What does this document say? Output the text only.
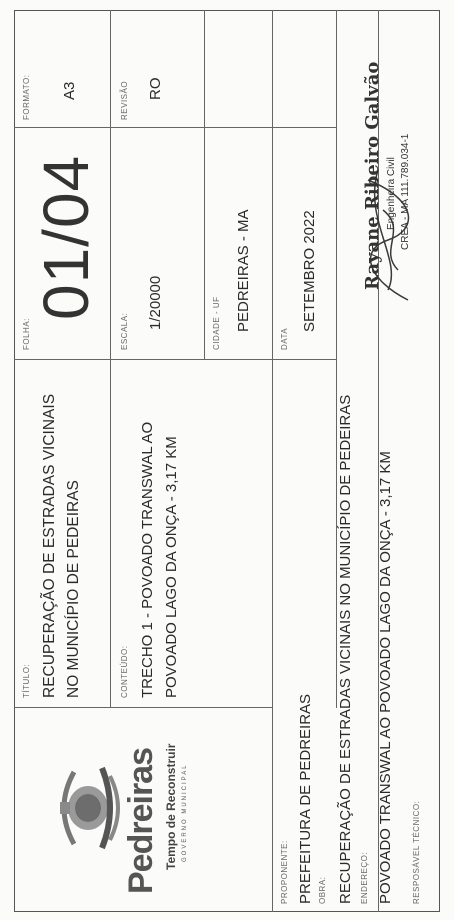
Pedreiras Tempo de Reconstruir GOVERNO MUNICIPAL
TÍTULO: RECUPERAÇÃO DE ESTRADAS VICINAIS NO MUNICÍPIO DE PEDEIRAS	CONTEÚDO: TRECHO 1 - POVOADO TRANSWAL AO POVOADO LAGO DA ONÇA - 3,17 KM
FOLHA:
01/04
FORMATO: A3
ESCALA:
1/20000
REVISÃO RO
CIDADE - UF PEDREIRAS - MA
DATA
SETEMBRO 2022
PROPONENTE: PREFEITURA DE PEDREIRAS OBRA: RECUPERAÇÃO DE ESTRADAS VICINAIS NO MUNICÍPIO DE PEDEIRAS ENDEREÇO: POVOADO TRANSWAL AO POVOADO LAGO DA ONÇA - 3,17 KM RESPOSÁVEL TÉCNICO:
Rayane Ribeiro Galvão Engenheira Civil CREA - MA 111.789.034-1
